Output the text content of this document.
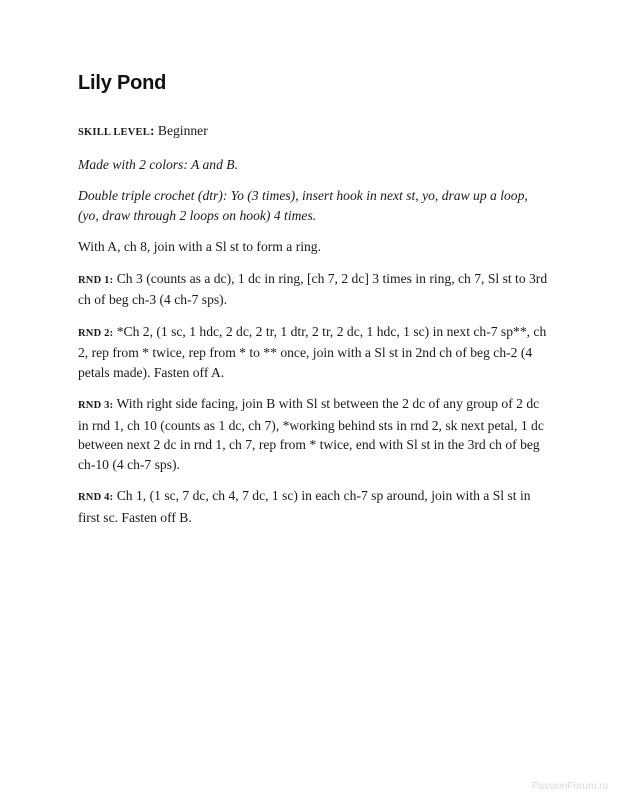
Lily Pond

SKILL LEVEL: Beginner

Made with 2 colors: A and B.

Double triple crochet (dtr): Yo (3 times), insert hook in next st, yo, draw up a loop, (yo, draw through 2 loops on hook) 4 times.

With A, ch 8, join with a Sl st to form a ring.

RND 1: Ch 3 (counts as a dc), 1 dc in ring, [ch 7, 2 dc] 3 times in ring, ch 7, Sl st to 3rd ch of beg ch-3 (4 ch-7 sps).

RND 2: *Ch 2, (1 sc, 1 hdc, 2 dc, 2 tr, 1 dtr, 2 tr, 2 dc, 1 hdc, 1 sc) in next ch-7 sp**, ch 2, rep from * twice, rep from * to ** once, join with a Sl st in 2nd ch of beg ch-2 (4 petals made). Fasten off A.

RND 3: With right side facing, join B with Sl st between the 2 dc of any group of 2 dc in rnd 1, ch 10 (counts as 1 dc, ch 7), *working behind sts in rnd 2, sk next petal, 1 dc between next 2 dc in rnd 1, ch 7, rep from * twice, end with Sl st in the 3rd ch of beg ch-10 (4 ch-7 sps).

RND 4: Ch 1, (1 sc, 7 dc, ch 4, 7 dc, 1 sc) in each ch-7 sp around, join with a Sl st in first sc. Fasten off B.

PassionForum.ru
